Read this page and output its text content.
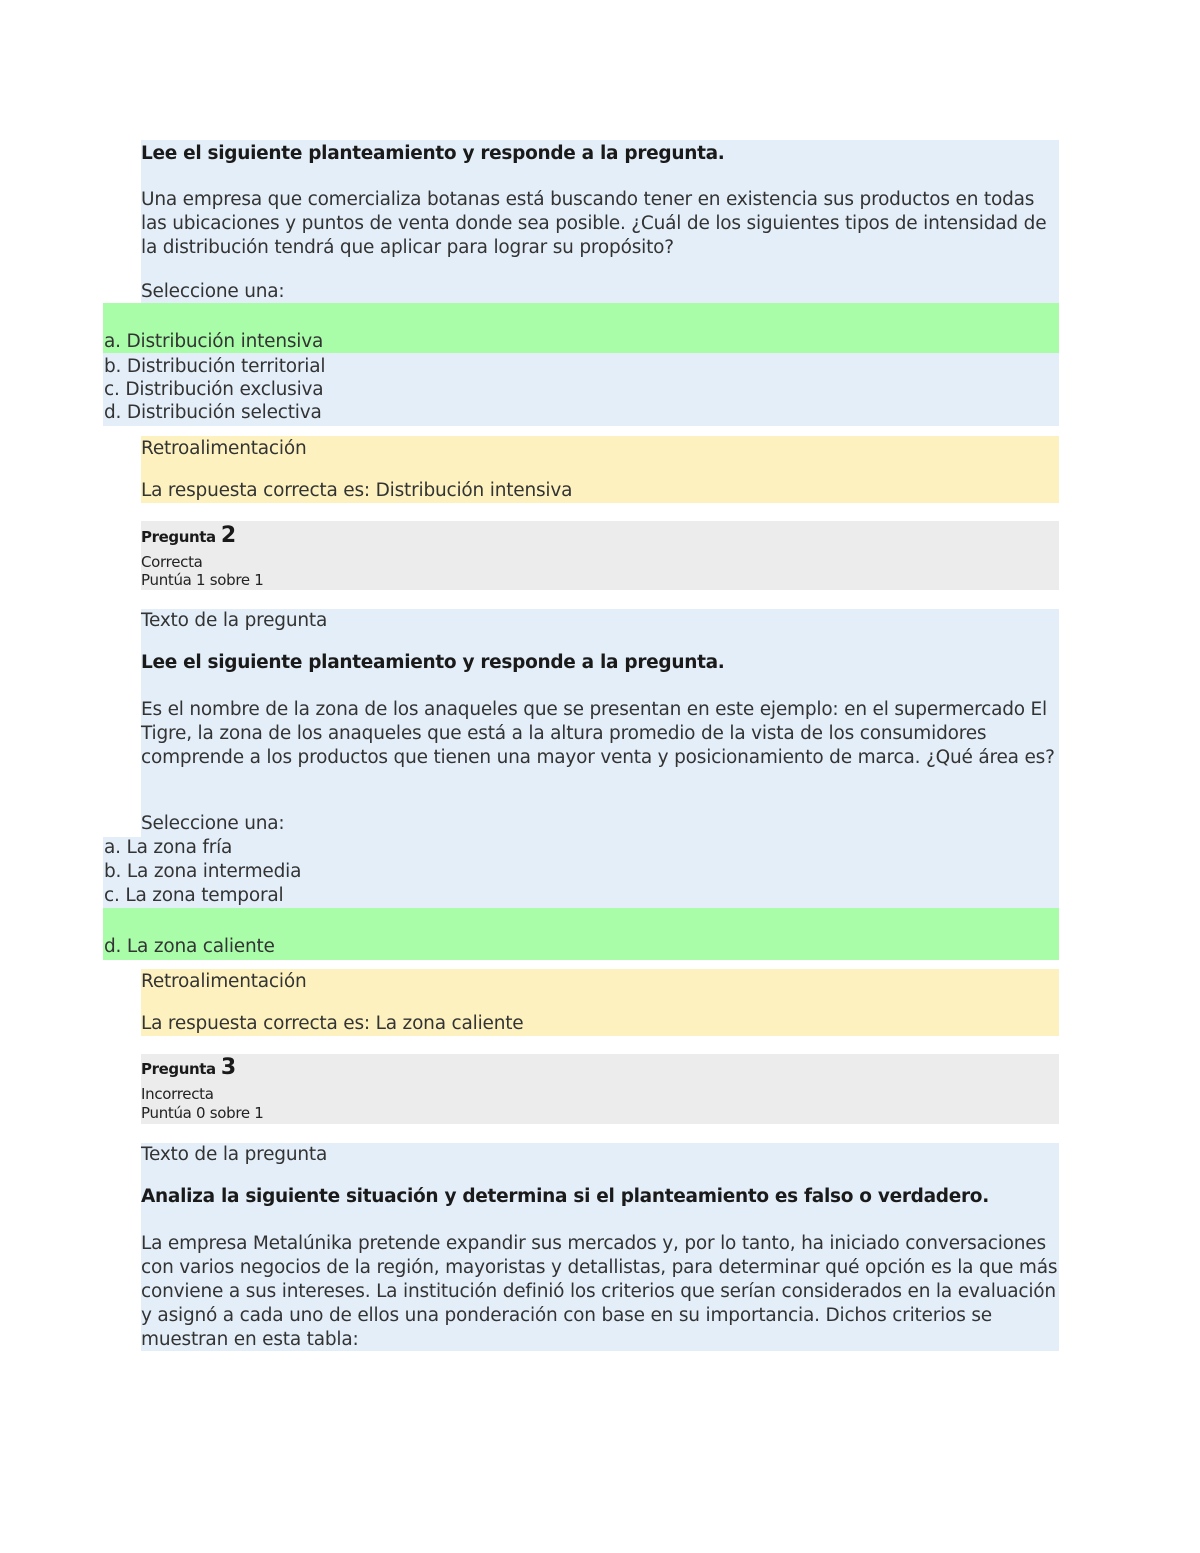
Lee el siguiente planteamiento y responde a la pregunta.

Una empresa que comercializa botanas está buscando tener en existencia sus productos en todas las ubicaciones y puntos de venta donde sea posible. ¿Cuál de los siguientes tipos de intensidad de la distribución tendrá que aplicar para lograr su propósito?

Seleccione una:

a. Distribución intensiva

b. Distribución territorial

c. Distribución exclusiva

d. Distribución selectiva

Retroalimentación

La respuesta correcta es: Distribución intensiva

Pregunta 2
Correcta
Puntúa 1 sobre 1

Texto de la pregunta

Lee el siguiente planteamiento y responde a la pregunta.

Es el nombre de la zona de los anaqueles que se presentan en este ejemplo: en el supermercado El Tigre, la zona de los anaqueles que está a la altura promedio de la vista de los consumidores comprende a los productos que tienen una mayor venta y posicionamiento de marca. ¿Qué área es?

Seleccione una:

a. La zona fría

b. La zona intermedia

c. La zona temporal

d. La zona caliente

Retroalimentación

La respuesta correcta es: La zona caliente

Pregunta 3
Incorrecta
Puntúa 0 sobre 1

Texto de la pregunta

Analiza la siguiente situación y determina si el planteamiento es falso o verdadero.

La empresa Metalúnika pretende expandir sus mercados y, por lo tanto, ha iniciado conversaciones con varios negocios de la región, mayoristas y detallistas, para determinar qué opción es la que más conviene a sus intereses. La institución definió los criterios que serían considerados en la evaluación y asignó a cada uno de ellos una ponderación con base en su importancia. Dichos criterios se muestran en esta tabla:
